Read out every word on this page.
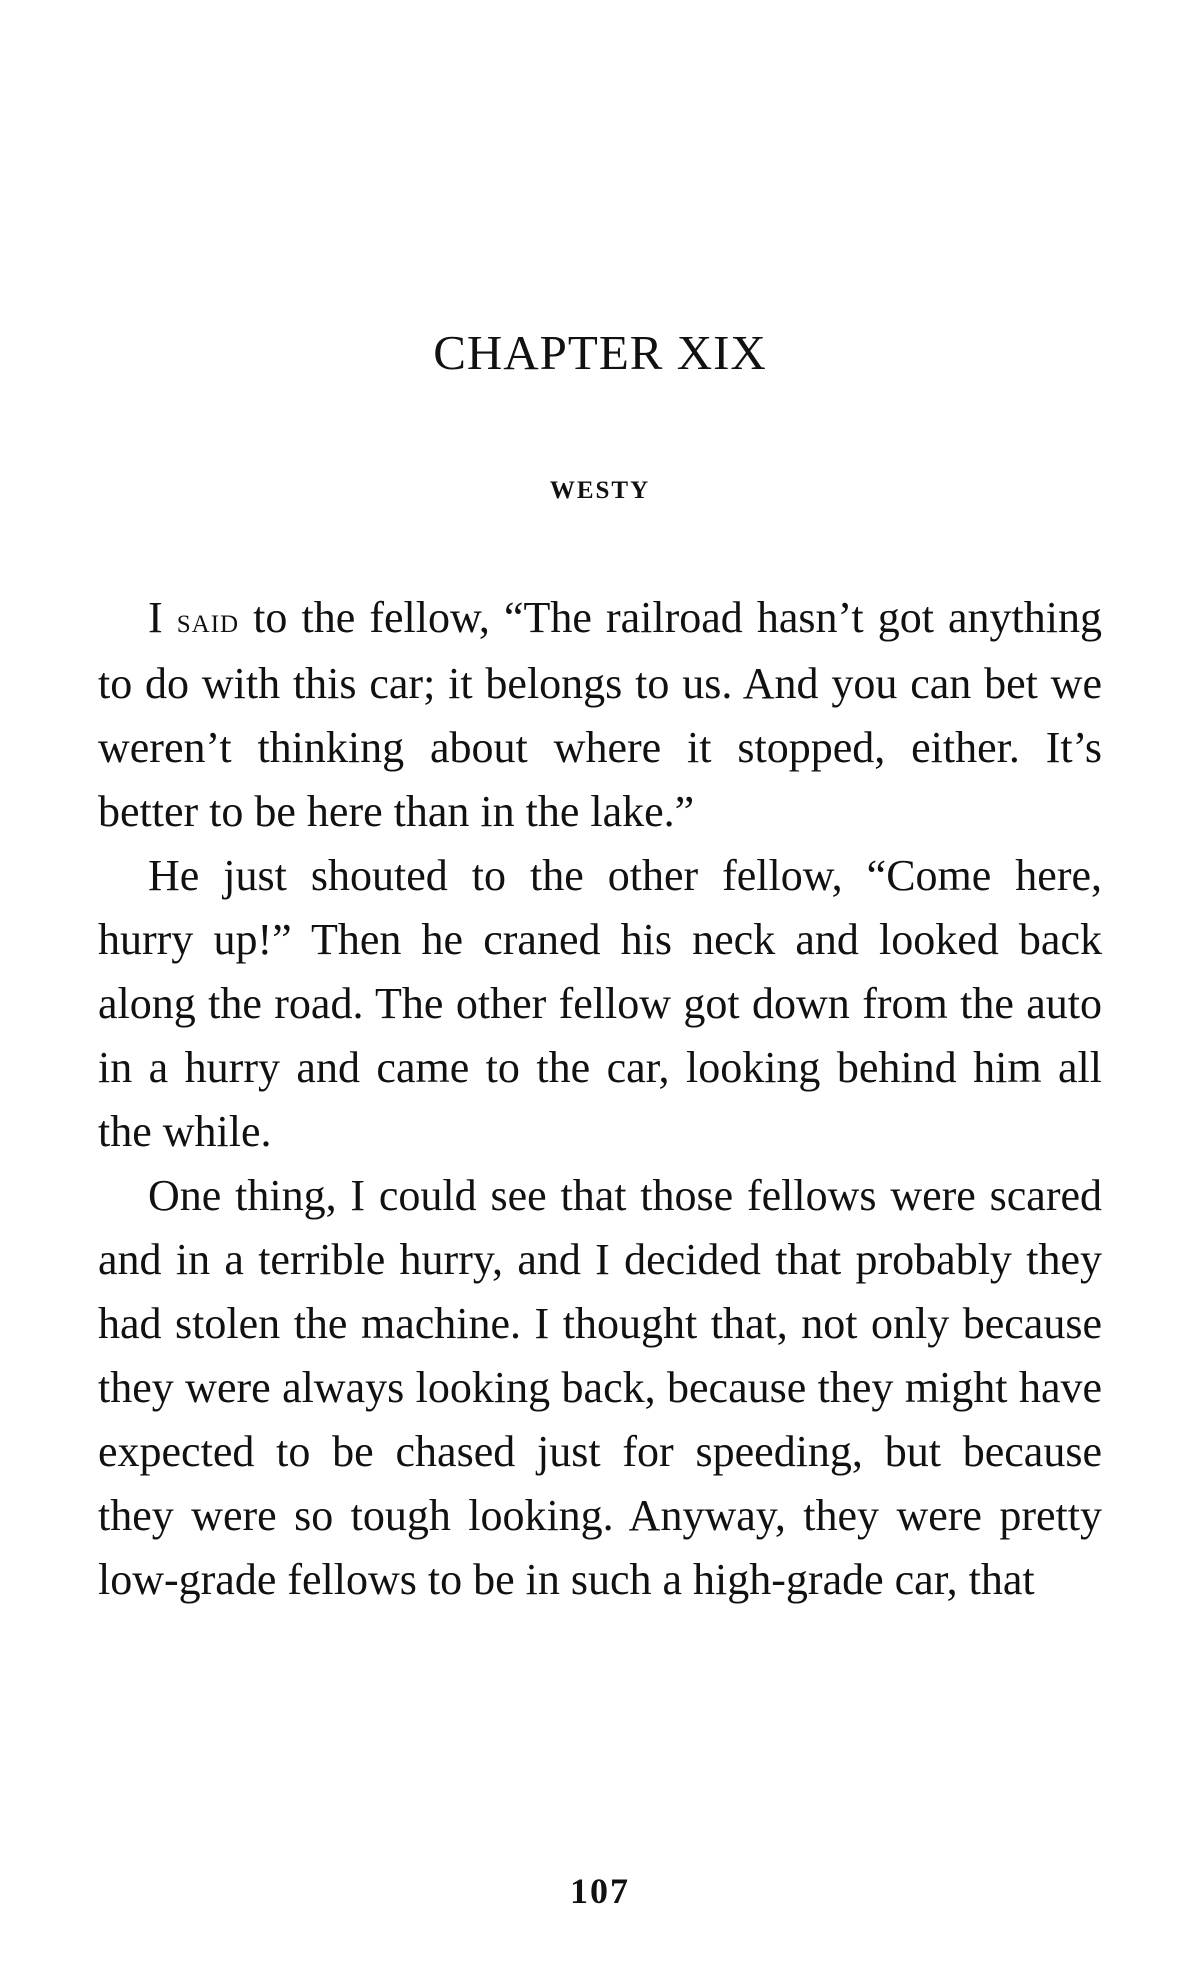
CHAPTER XIX
WESTY

I said to the fellow, “The railroad hasn’t got anything to do with this car; it belongs to us. And you can bet we weren’t thinking about where it stopped, either. It’s better to be here than in the lake.”

He just shouted to the other fellow, “Come here, hurry up!” Then he craned his neck and looked back along the road. The other fellow got down from the auto in a hurry and came to the car, looking behind him all the while.

One thing, I could see that those fellows were scared and in a terrible hurry, and I decided that probably they had stolen the machine. I thought that, not only because they were always looking back, because they might have expected to be chased just for speeding, but because they were so tough looking. Anyway, they were pretty low-grade fellows to be in such a high-grade car, that

107
